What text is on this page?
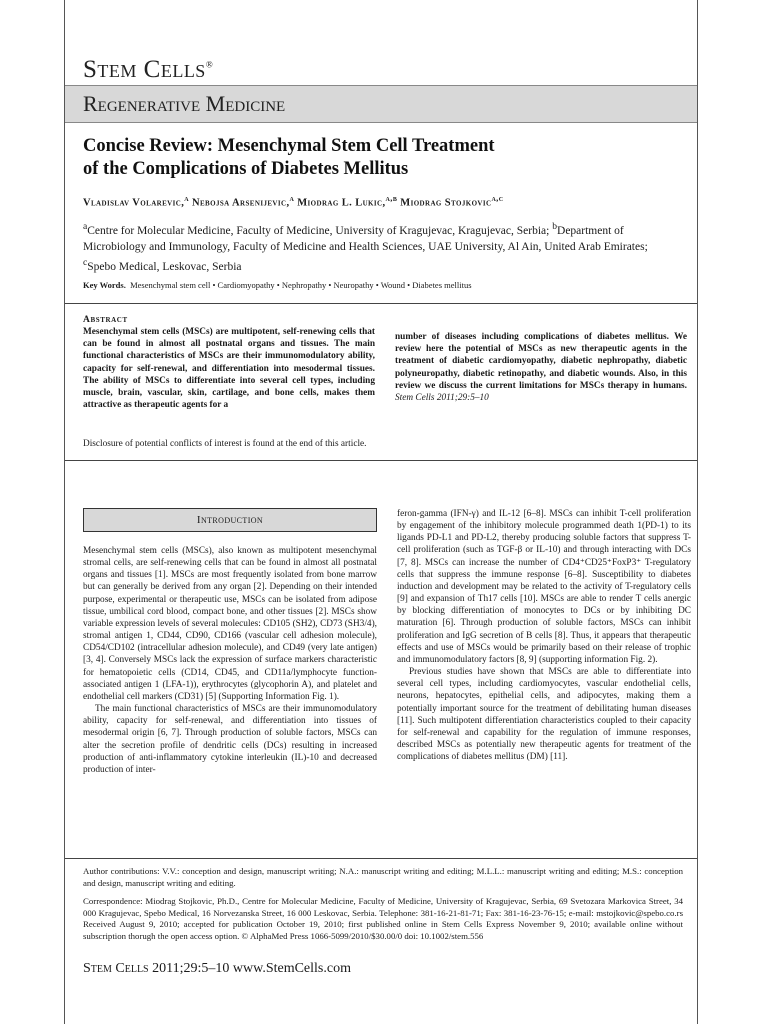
Stem Cells®
Regenerative Medicine
Concise Review: Mesenchymal Stem Cell Treatment
of the Complications of Diabetes Mellitus
Vladislav Volarevic,$^a$ Nebojsa Arsenijevic,$^a$ Miodrag L. Lukic,$^{a,b}$ Miodrag Stojkovic$^{a,c}$
$^a$Centre for Molecular Medicine, Faculty of Medicine, University of Kragujevac, Kragujevac, Serbia; $^b$Department of Microbiology and Immunology, Faculty of Medicine and Health Sciences, UAE University, Al Ain, United Arab Emirates; $^c$Spebo Medical, Leskovac, Serbia
Key Words. Mesenchymal stem cell • Cardiomyopathy • Nephropathy • Neuropathy • Wound • Diabetes mellitus
Abstract
Mesenchymal stem cells (MSCs) are multipotent, self-renewing cells that can be found in almost all postnatal organs and tissues. The main functional characteristics of MSCs are their immunomodulatory ability, capacity for self-renewal, and differentiation into mesodermal tissues. The ability of MSCs to differentiate into several cell types, including muscle, brain, vascular, skin, cartilage, and bone cells, makes them attractive as therapeutic agents for a
number of diseases including complications of diabetes mellitus. We review here the potential of MSCs as new therapeutic agents in the treatment of diabetic cardiomyopathy, diabetic nephropathy, diabetic polyneuropathy, diabetic retinopathy, and diabetic wounds. Also, in this review we discuss the current limitations for MSCs therapy in humans. Stem Cells 2011;29:5–10
Disclosure of potential conflicts of interest is found at the end of this article.
Introduction

Mesenchymal stem cells (MSCs), also known as multipotent mesenchymal stromal cells, are self-renewing cells that can be found in almost all postnatal organs and tissues [1]. MSCs are most frequently isolated from bone marrow but can generally be derived from any organ [2]. Depending on their intended purpose, experimental or therapeutic use, MSCs can be isolated from adipose tissue, umbilical cord blood, compact bone, and other tissues [2]. MSCs show variable expression levels of several molecules: CD105 (SH2), CD73 (SH3/4), stromal antigen 1, CD44, CD90, CD166 (vascular cell adhesion molecule), CD54/CD102 (intracellular adhesion molecule), and CD49 (very late antigen) [3, 4]. Conversely MSCs lack the expression of surface markers characteristic for hematopoietic cells (CD14, CD45, and CD11a/lymphocyte function-associated antigen 1 (LFA-1)), erythrocytes (glycophorin A), and platelet and endothelial cell markers (CD31) [5] (Supporting Information Fig. 1).

The main functional characteristics of MSCs are their immunomodulatory ability, capacity for self-renewal, and differentiation into tissues of mesodermal origin [6, 7]. Through production of soluble factors, MSCs can alter the secretion profile of dendritic cells (DCs) resulting in increased production of anti-inflammatory cytokine interleukin (IL)-10 and decreased production of inter-

feron-gamma (IFN-γ) and IL-12 [6–8]. MSCs can inhibit T-cell proliferation by engagement of the inhibitory molecule programmed death 1(PD-1) to its ligands PD-L1 and PD-L2, thereby producing soluble factors that suppress T-cell proliferation (such as TGF-β or IL-10) and through interacting with DCs [7, 8]. MSCs can increase the number of CD4⁺CD25⁺FoxP3⁺ T-regulatory cells that suppress the immune response [6–8]. Susceptibility to diabetes induction and development may be related to the activity of T-regulatory cells [9] and expansion of Th17 cells [10]. MSCs are able to render T cells anergic by blocking differentiation of monocytes to DCs or by inhibiting DC maturation [6]. Through production of soluble factors, MSCs can inhibit proliferation and IgG secretion of B cells [8]. Thus, it appears that therapeutic effects and use of MSCs would be primarily based on their release of trophic and immunomodulatory factors [8, 9] (supporting information Fig. 2).

Previous studies have shown that MSCs are able to differentiate into several cell types, including cardiomyocytes, vascular endothelial cells, neurons, hepatocytes, epithelial cells, and adipocytes, making them a potentially important source for the treatment of debilitating human diseases [11]. Such multipotent differentiation characteristics coupled to their capacity for self-renewal and capability for the regulation of immune responses, described MSCs as potentially new therapeutic agents for treatment of the complications of diabetes mellitus (DM) [11].

Author contributions: V.V.: conception and design, manuscript writing; N.A.: manuscript writing and editing; M.L.L.: manuscript writing and editing; M.S.: conception and design, manuscript writing and editing.
Correspondence: Miodrag Stojkovic, Ph.D., Centre for Molecular Medicine, Faculty of Medicine, University of Kragujevac, Serbia, 69 Svetozara Markovica Street, 34 000 Kragujevac, Spebo Medical, 16 Norvezanska Street, 16 000 Leskovac, Serbia. Telephone: 381-16-21-81-71; Fax: 381-16-23-76-15; e-mail: mstojkovic@spebo.co.rs Received August 9, 2010; accepted for publication October 19, 2010; first published online in Stem Cells Express November 9, 2010; available online without subscription thorugh the open access option. © AlphaMed Press 1066-5099/2010/$30.00/0 doi: 10.1002/stem.556
Stem Cells 2011;29:5–10 www.StemCells.com
